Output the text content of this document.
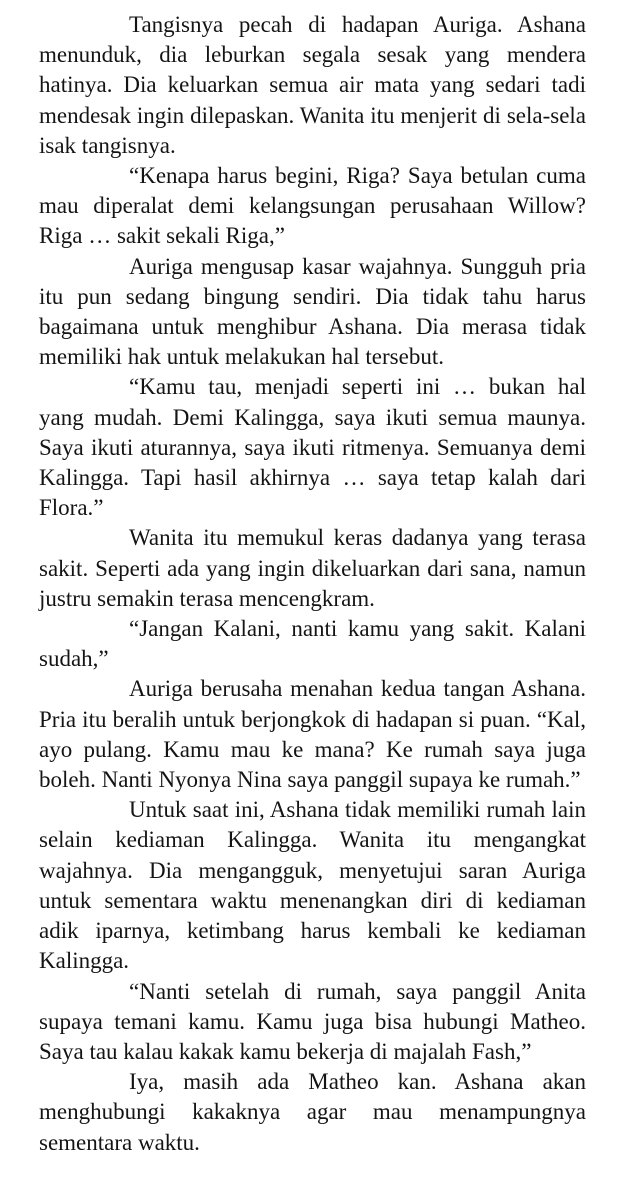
Tangisnya pecah di hadapan Auriga. Ashana menunduk, dia leburkan segala sesak yang mendera hatinya. Dia keluarkan semua air mata yang sedari tadi mendesak ingin dilepaskan. Wanita itu menjerit di sela-sela isak tangisnya.

“Kenapa harus begini, Riga? Saya betulan cuma mau diperalat demi kelangsungan perusahaan Willow? Riga … sakit sekali Riga,”

Auriga mengusap kasar wajahnya. Sungguh pria itu pun sedang bingung sendiri. Dia tidak tahu harus bagaimana untuk menghibur Ashana. Dia merasa tidak memiliki hak untuk melakukan hal tersebut.

“Kamu tau, menjadi seperti ini … bukan hal yang mudah. Demi Kalingga, saya ikuti semua maunya. Saya ikuti aturannya, saya ikuti ritmenya. Semuanya demi Kalingga. Tapi hasil akhirnya … saya tetap kalah dari Flora.”

Wanita itu memukul keras dadanya yang terasa sakit. Seperti ada yang ingin dikeluarkan dari sana, namun justru semakin terasa mencengkram.

“Jangan Kalani, nanti kamu yang sakit. Kalani sudah,”

Auriga berusaha menahan kedua tangan Ashana. Pria itu beralih untuk berjongkok di hadapan si puan. “Kal, ayo pulang. Kamu mau ke mana? Ke rumah saya juga boleh. Nanti Nyonya Nina saya panggil supaya ke rumah.”

Untuk saat ini, Ashana tidak memiliki rumah lain selain kediaman Kalingga. Wanita itu mengangkat wajahnya. Dia mengangguk, menyetujui saran Auriga untuk sementara waktu menenangkan diri di kediaman adik iparnya, ketimbang harus kembali ke kediaman Kalingga.

“Nanti setelah di rumah, saya panggil Anita supaya temani kamu. Kamu juga bisa hubungi Matheo. Saya tau kalau kakak kamu bekerja di majalah Fash,”

Iya, masih ada Matheo kan. Ashana akan menghubungi kakaknya agar mau menampungnya sementara waktu.
